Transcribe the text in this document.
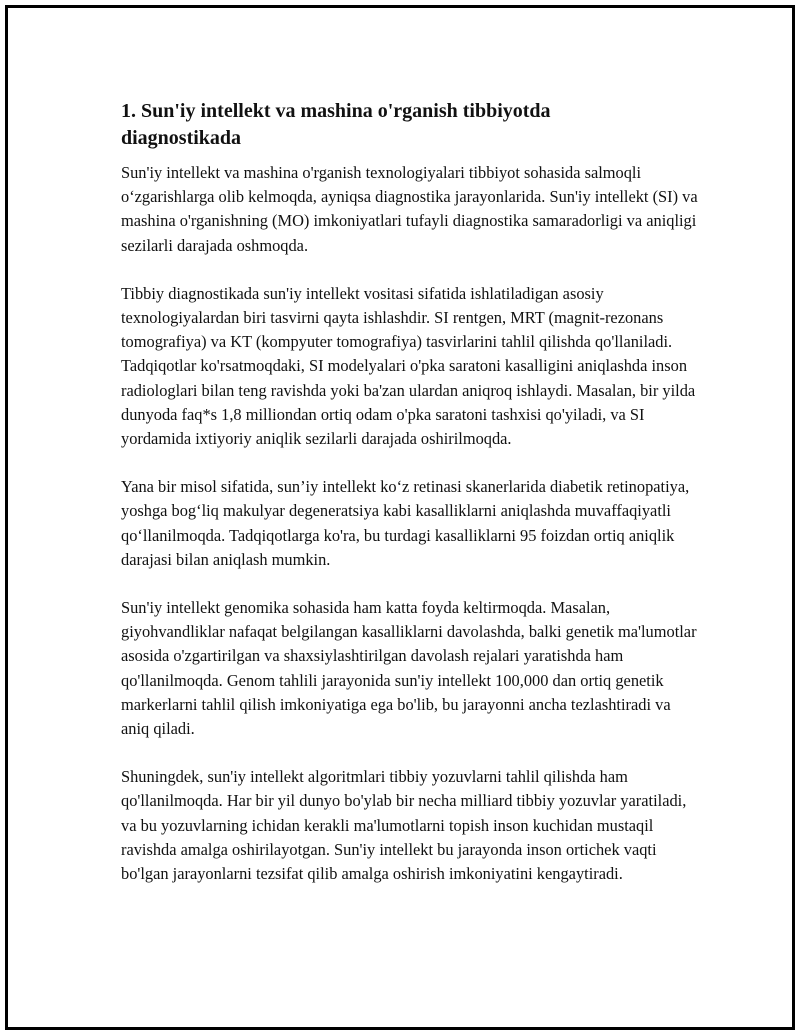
1. Sun'iy intellekt va mashina o'rganish tibbiyotda diagnostikada

Sun'iy intellekt va mashina o'rganish texnologiyalari tibbiyot sohasida salmoqli o‘zgarishlarga olib kelmoqda, ayniqsa diagnostika jarayonlarida. Sun'iy intellekt (SI) va mashina o'rganishning (MO) imkoniyatlari tufayli diagnostika samaradorligi va aniqligi sezilarli darajada oshmoqda.

Tibbiy diagnostikada sun'iy intellekt vositasi sifatida ishlatiladigan asosiy texnologiyalardan biri tasvirni qayta ishlashdir. SI rentgen, MRT (magnit-rezonans tomografiya) va KT (kompyuter tomografiya) tasvirlarini tahlil qilishda qo'llaniladi. Tadqiqotlar ko'rsatmoqdaki, SI modelyalari o'pka saratoni kasalligini aniqlashda inson radiologlari bilan teng ravishda yoki ba'zan ulardan aniqroq ishlaydi. Masalan, bir yilda dunyoda faq*s 1,8 milliondan ortiq odam o'pka saratoni tashxisi qo'yiladi, va SI yordamida ixtiyoriy aniqlik sezilarli darajada oshirilmoqda.

Yana bir misol sifatida, sun’iy intellekt ko‘z retinasi skanerlarida diabetik retinopatiya, yoshga bog‘liq makulyar degeneratsiya kabi kasalliklarni aniqlashda muvaffaqiyatli qo‘llanilmoqda. Tadqiqotlarga ko'ra, bu turdagi kasalliklarni 95 foizdan ortiq aniqlik darajasi bilan aniqlash mumkin.

Sun'iy intellekt genomika sohasida ham katta foyda keltirmoqda. Masalan, giyohvandliklar nafaqat belgilangan kasalliklarni davolashda, balki genetik ma'lumotlar asosida o'zgartirilgan va shaxsiylashtirilgan davolash rejalari yaratishda ham qo'llanilmoqda. Genom tahlili jarayonida sun'iy intellekt 100,000 dan ortiq genetik markerlarni tahlil qilish imkoniyatiga ega bo'lib, bu jarayonni ancha tezlashtiradi va aniq qiladi.

Shuningdek, sun'iy intellekt algoritmlari tibbiy yozuvlarni tahlil qilishda ham qo'llanilmoqda. Har bir yil dunyo bo'ylab bir necha milliard tibbiy yozuvlar yaratiladi, va bu yozuvlarning ichidan kerakli ma'lumotlarni topish inson kuchidan mustaqil ravishda amalga oshirilayotgan. Sun'iy intellekt bu jarayonda inson ortichek vaqti bo'lgan jarayonlarni tezsifat qilib amalga oshirish imkoniyatini kengaytiradi.
